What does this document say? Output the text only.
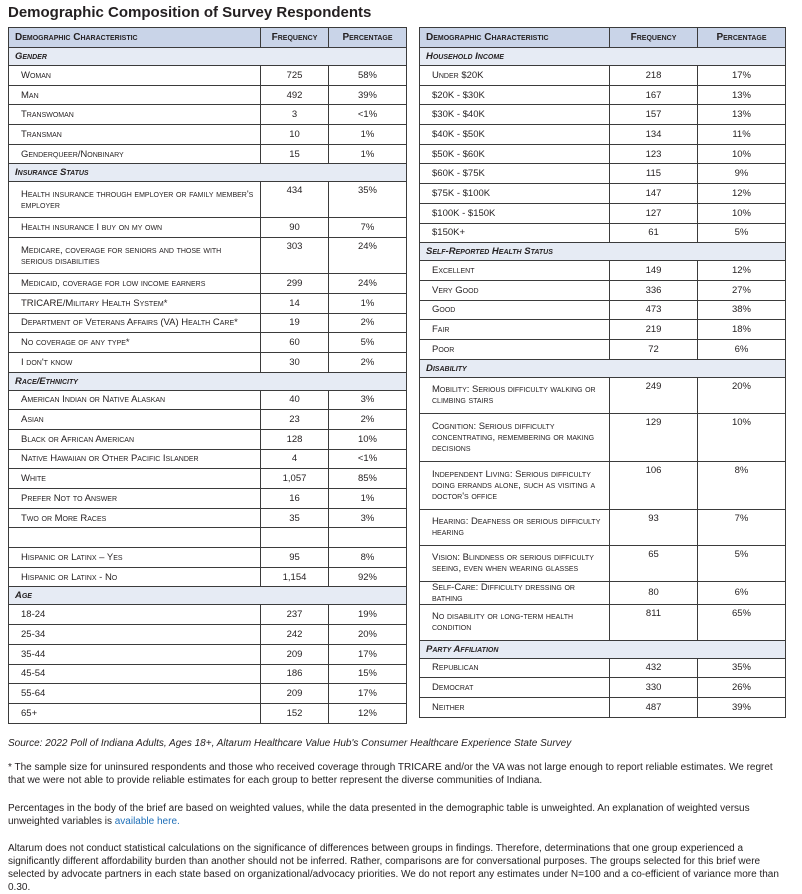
Demographic Composition of Survey Respondents
Demographic Characteristic	Frequency	Percentage
Gender		
Woman	725	58%
Man	492	39%
Transwoman	3	<1%
Transman	10	1%
Genderqueer/Nonbinary	15	1%
Insurance Status		
Health insurance through employer or family member's employer	434	35%
Health insurance I buy on my own	90	7%
Medicare, coverage for seniors and those with serious disabilities	303	24%
Medicaid, coverage for low income earners	299	24%
TRICARE/Military Health System*	14	1%
Department of Veterans Affairs (VA) Health Care*	19	2%
No coverage of any type*	60	5%
I don't know	30	2%
Race/Ethnicity		
American Indian or Native Alaskan	40	3%
Asian	23	2%
Black or African American	128	10%
Native Hawaiian or Other Pacific Islander	4	<1%
White	1,057	85%
Prefer Not to Answer	16	1%
Two or More Races	35	3%

Hispanic or Latinx – Yes	95	8%
Hispanic or Latinx - No	1,154	92%
Age		
18-24	237	19%
25-34	242	20%
35-44	209	17%
45-54	186	15%
55-64	209	17%
65+	152	12%
Demographic Characteristic	Frequency	Percentage
Household Income		
Under $20K	218	17%
$20K - $30K	167	13%
$30K - $40K	157	13%
$40K - $50K	134	11%
$50K - $60K	123	10%
$60K - $75K	115	9%
$75K - $100K	147	12%
$100K - $150K	127	10%
$150K+	61	5%
Self-Reported Health Status		
Excellent	149	12%
Very Good	336	27%
Good	473	38%
Fair	219	18%
Poor	72	6%
Disability		
Mobility: Serious difficulty walking or climbing stairs	249	20%
Cognition: Serious difficulty concentrating, remembering or making decisions	129	10%
Independent Living: Serious difficulty doing errands alone, such as visiting a doctor's office	106	8%
Hearing: Deafness or serious difficulty hearing	93	7%
Vision: Blindness or serious difficulty seeing, even when wearing glasses	65	5%
Self-Care: Difficulty dressing or bathing	80	6%
No disability or long-term health condition	811	65%
Party Affiliation		
Republican	432	35%
Democrat	330	26%
Neither	487	39%
Source: 2022 Poll of Indiana Adults, Ages 18+, Altarum Healthcare Value Hub's Consumer Healthcare Experience State Survey
* The sample size for uninsured respondents and those who received coverage through TRICARE and/or the VA was not large enough to report reliable estimates. We regret that we were not able to provide reliable estimates for each group to better represent the diverse communities of Indiana.
Percentages in the body of the brief are based on weighted values, while the data presented in the demographic table is unweighted. An explanation of weighted versus unweighted variables is available here.
Altarum does not conduct statistical calculations on the significance of differences between groups in findings. Therefore, determinations that one group experienced a significantly different affordability burden than another should not be inferred. Rather, comparisons are for conversational purposes. The groups selected for this brief were selected by advocate partners in each state based on organizational/advocacy priorities. We do not report any estimates under N=100 and a co-efficient of variance more than 0.30.
